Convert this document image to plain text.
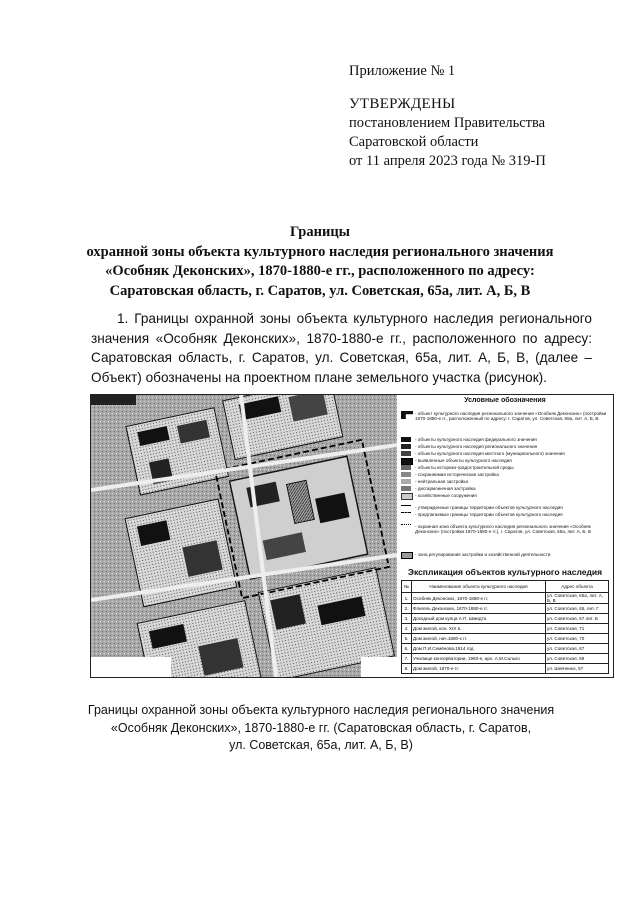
Приложение № 1
УТВЕРЖДЕНЫ
постановлением Правительства
Саратовской области
от 11 апреля 2023 года № 319-П
Границы
охранной зоны объекта культурного наследия регионального значения
«Особняк Деконских», 1870-1880-е гг., расположенного по адресу:
Саратовская область, г. Саратов, ул. Советская, 65а, лит. А, Б, В
1. Границы охранной зоны объекта культурного наследия регионального значения «Особняк Деконских», 1870-1880-е гг., расположенного по адресу: Саратовская область, г. Саратов, ул. Советская, 65а, лит. А, Б, В, (далее – Объект) обозначены на проектном плане земельного участка (рисунок).
Условные обозначения
- объект культурного наследия регионального значения «Особняк Деконских» (постройки 1870-1880-е гг., расположенный по адресу: г. Саратов, ул. Советская, 65а, лит. А, Б, В
- объекты культурного наследия федерального значения
- объекты культурного наследия регионального значения
- объекты культурного наследия местного (муниципального) значения
- выявленные объекты культурного наследия
- объекты историко-градостроительной среды
- сохраняемая историческая застройка
- нейтральная застройка
- дисгармоничная застройка
- хозяйственные сооружения
- утвержденные границы территории объектов культурного наследия
- предлагаемые границы территории объектов культурного наследия
- охранная зона объекта культурного наследия регионального значения «Особняк Деконских» (постройки 1870-1880-е гг.), г. Саратов, ул. Советская, 65а, лит. А, Б, В
- зона регулирования застройки и хозяйственной деятельности
Экспликация объектов культурного наследия
№	Наименование объекта культурного наследия	Адрес объекта
1.	Особняк Деконских, 1870-1880-е гг.	ул. Советская, 65а, лит. А, Б, В
2.	Флигель Деконских, 1870-1880-е гг.	ул. Советская, 65, лит. Г
3.	Доходный дом купца А.П. Шмидта	ул. Советская, 67 лит. Б
4.	Дом жилой, кон. XIX в.	ул. Советская, 71
5.	Дом жилой, нач.1880-х гг.	ул. Советская, 70
6.	Дом П.И.Семёнова,1914 год	ул. Советская, 67
7.	Училище консерватории, 1960-е, арх. А.М.Салько	ул. Советская, 69
8.	Дом жилой, 1870-е гг.	ул. Шевченко, 57
Границы охранной зоны объекта культурного наследия регионального значения
«Особняк Деконских», 1870-1880-е гг. (Саратовская область, г. Саратов,
ул. Советская, 65а, лит. А, Б, В)
